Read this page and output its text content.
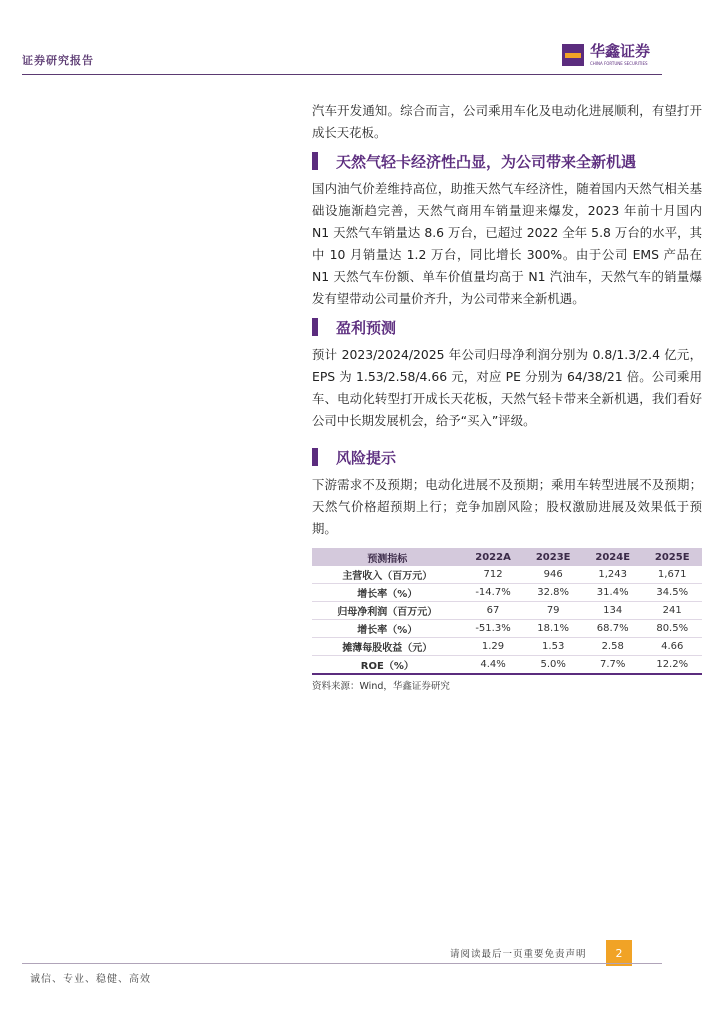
证券研究报告
华鑫证券
CHINA FORTUNE SECURITIES

汽车开发通知。综合而言，公司乘用车化及电动化进展顺利，有望打开成长天花板。

天然气轻卡经济性凸显，为公司带来全新机遇

国内油气价差维持高位，助推天然气车经济性，随着国内天然气相关基础设施渐趋完善，天然气商用车销量迎来爆发，2023 年前十月国内 N1 天然气车销量达 8.6 万台，已超过 2022 全年 5.8 万台的水平，其中 10 月销量达 1.2 万台，同比增长 300%。由于公司 EMS 产品在 N1 天然气车份额、单车价值量均高于 N1 汽油车，天然气车的销量爆发有望带动公司量价齐升，为公司带来全新机遇。

盈利预测

预计 2023/2024/2025 年公司归母净利润分别为 0.8/1.3/2.4 亿元，EPS 为 1.53/2.58/4.66 元，对应 PE 分别为 64/38/21 倍。公司乘用车、电动化转型打开成长天花板，天然气轻卡带来全新机遇，我们看好公司中长期发展机会，给予“买入”评级。

风险提示

下游需求不及预期；电动化进展不及预期；乘用车转型进展不及预期；天然气价格超预期上行；竞争加剧风险；股权激励进展及效果低于预期。

预测指标	2022A	2023E	2024E	2025E
主营收入（百万元）	712	946	1,243	1,671
增长率（%）	-14.7%	32.8%	31.4%	34.5%
归母净利润（百万元）	67	79	134	241
增长率（%）	-51.3%	18.1%	68.7%	80.5%
摊薄每股收益（元）	1.29	1.53	2.58	4.66
ROE（%）	4.4%	5.0%	7.7%	12.2%
资料来源：Wind，华鑫证券研究
请阅读最后一页重要免责声明	2
诚信、专业、稳健、高效
